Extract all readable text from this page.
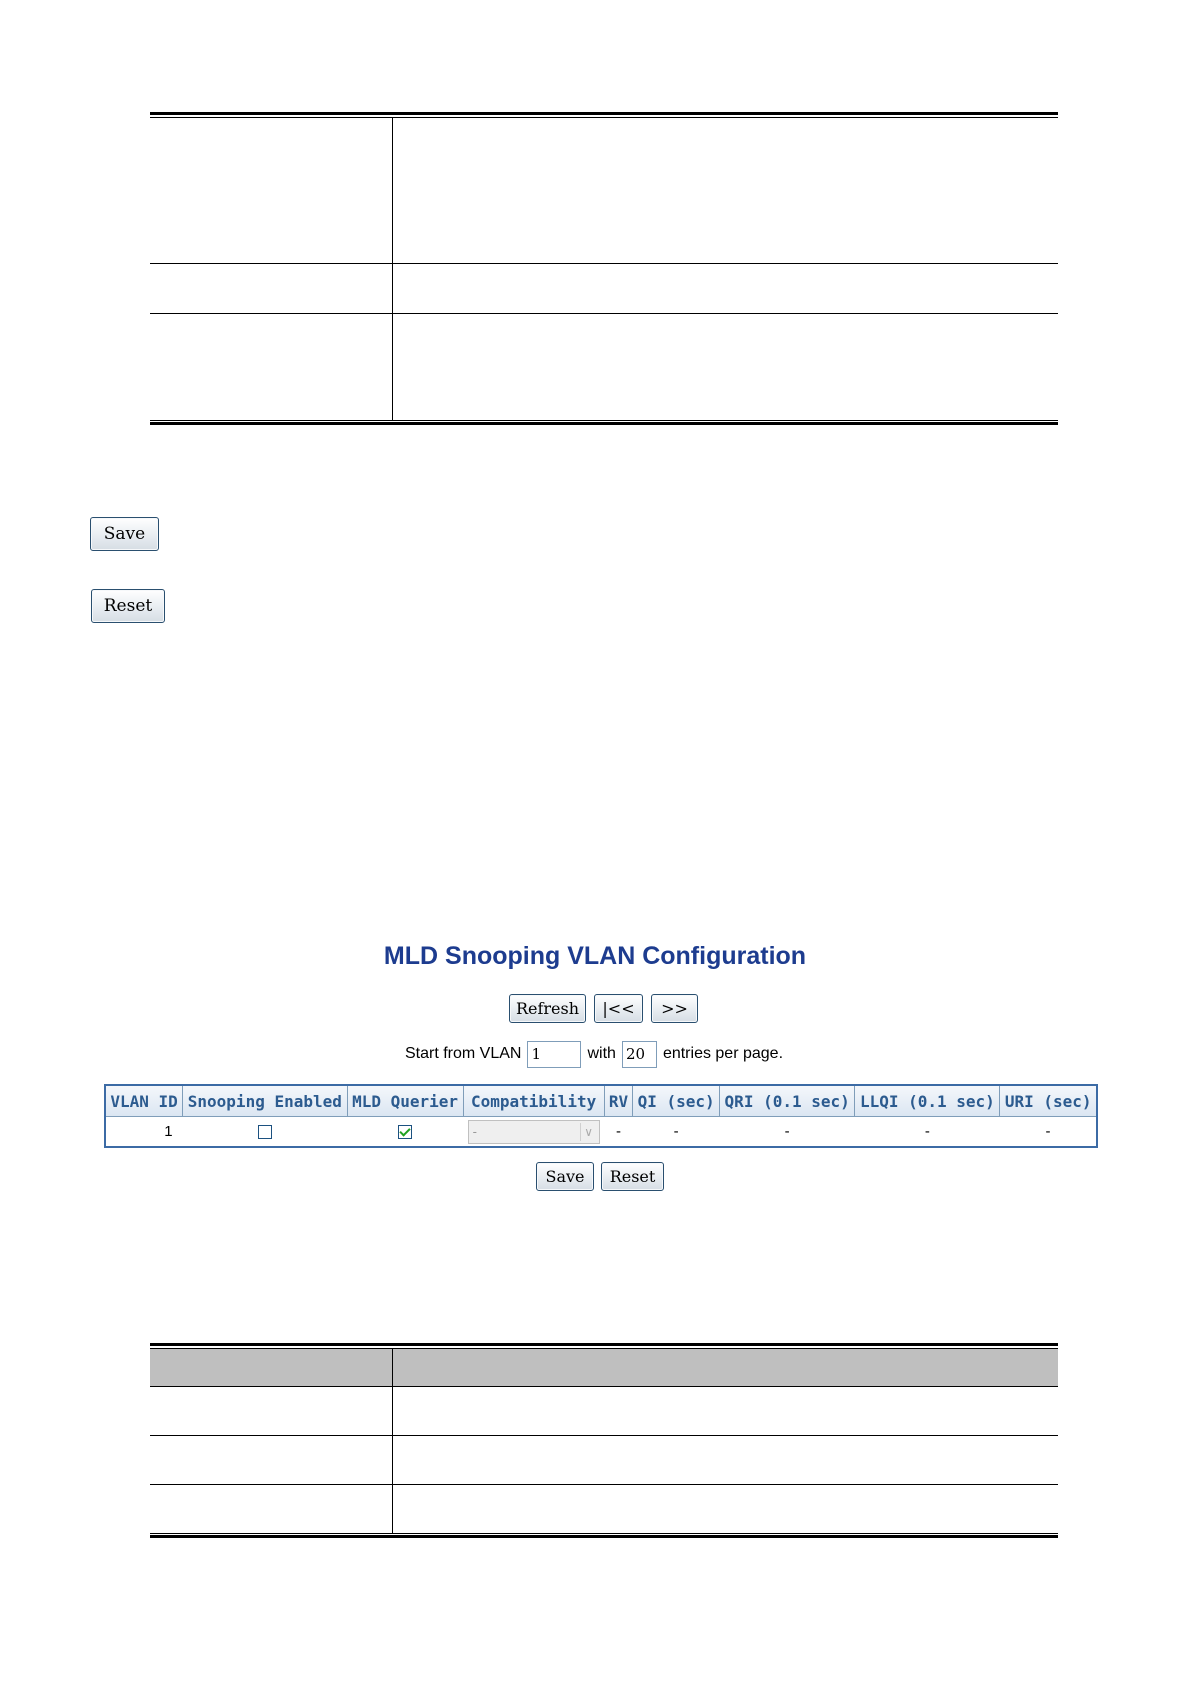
Save
Reset
MLD Snooping VLAN Configuration
Refresh	|<<	>>
Start from VLAN
1	with
20	entries per page.
VLAN ID	Snooping Enabled	MLD Querier	Compatibility	RV	QI (sec)	QRI (0.1 sec)	LLQI (0.1 sec)	URI (sec)
1			- ∨	-	-	-	-	-
Save	Reset
